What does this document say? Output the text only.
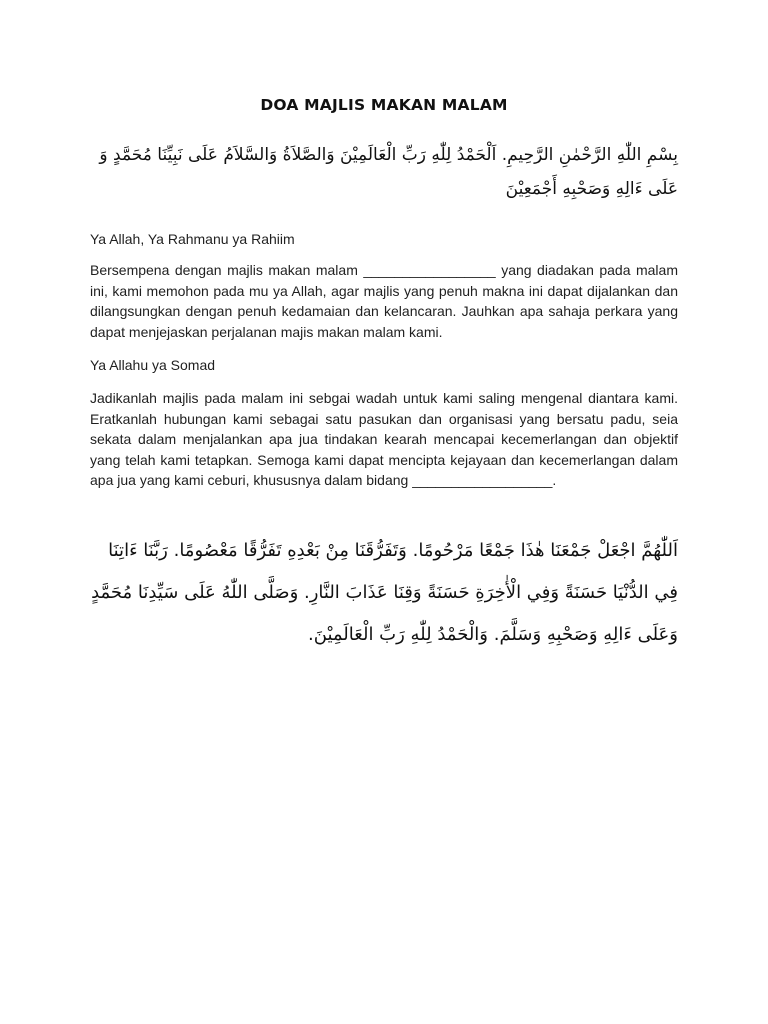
DOA MAJLIS MAKAN MALAM
بِسْمِ اللّٰهِ الرَّحْمٰنِ الرَّحِيمِ. اَلْحَمْدُ لِلّٰهِ رَبِّ الْعَالَمِيْنَ وَالصَّلاَةُ وَالسَّلاَمُ عَلَى نَبِيِّنَا مُحَمَّدٍ وَ عَلَى ءَالِهِ وَصَحْبِهِ أَجْمَعِيْنَ

Ya Allah, Ya Rahmanu ya Rahiim

Bersempena dengan majlis makan malam _________________ yang diadakan pada malam ini, kami memohon pada mu ya Allah, agar majlis yang penuh makna ini dapat dijalankan dan dilangsungkan dengan penuh kedamaian dan kelancaran. Jauhkan apa sahaja perkara yang dapat menjejaskan perjalanan majis makan malam kami.

Ya Allahu ya Somad

Jadikanlah majlis pada malam ini sebgai wadah untuk kami saling mengenal diantara kami. Eratkanlah hubungan kami sebagai satu pasukan dan organisasi yang bersatu padu, seia sekata dalam menjalankan apa jua tindakan kearah mencapai kecemerlangan dan objektif yang telah kami tetapkan. Semoga kami dapat mencipta kejayaan dan kecemerlangan dalam apa jua yang kami ceburi, khususnya dalam bidang __________________.

اَللّٰهُمَّ اجْعَلْ جَمْعَنَا هٰذَا جَمْعًا مَرْحُومًا. وَتَفَرُّقَنَا مِنْ بَعْدِهِ تَفَرُّقًا مَعْصُومًا. رَبَّنَا ءَاتِنَا فِي الدُّنْيَا حَسَنَةً وَفِي الْأٰخِرَةِ حَسَنَةً وَقِنَا عَذَابَ النَّارِ. وَصَلَّى اللّٰهُ عَلَى سَيِّدِنَا مُحَمَّدٍ وَعَلَى ءَالِهِ وَصَحْبِهِ وَسَلَّمَ. وَالْحَمْدُ لِلّٰهِ رَبِّ الْعَالَمِيْنَ.
